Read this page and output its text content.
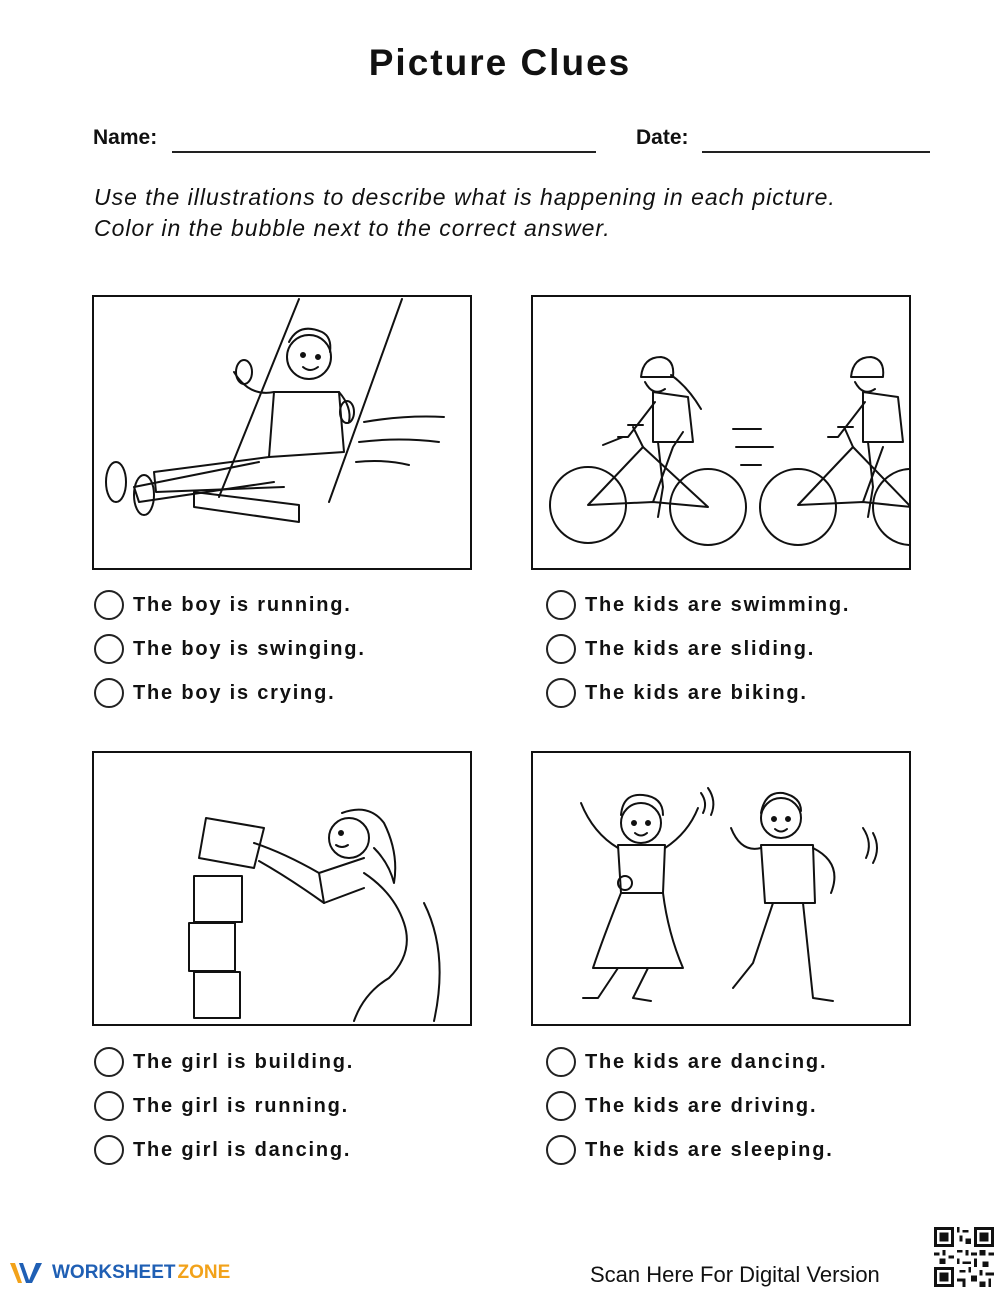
Picture Clues
Name:	Date:
Use the illustrations to describe what is happening in each picture. Color in the bubble next to the correct answer.
The boy is running.
The boy is swinging.
The boy is crying.
The kids are swimming.
The kids are sliding.
The kids are biking.
The girl is building.
The girl is running.
The girl is dancing.
The kids are dancing.
The kids are driving.
The kids are sleeping.
WORKSHEET ZONE	Scan Here For Digital Version
